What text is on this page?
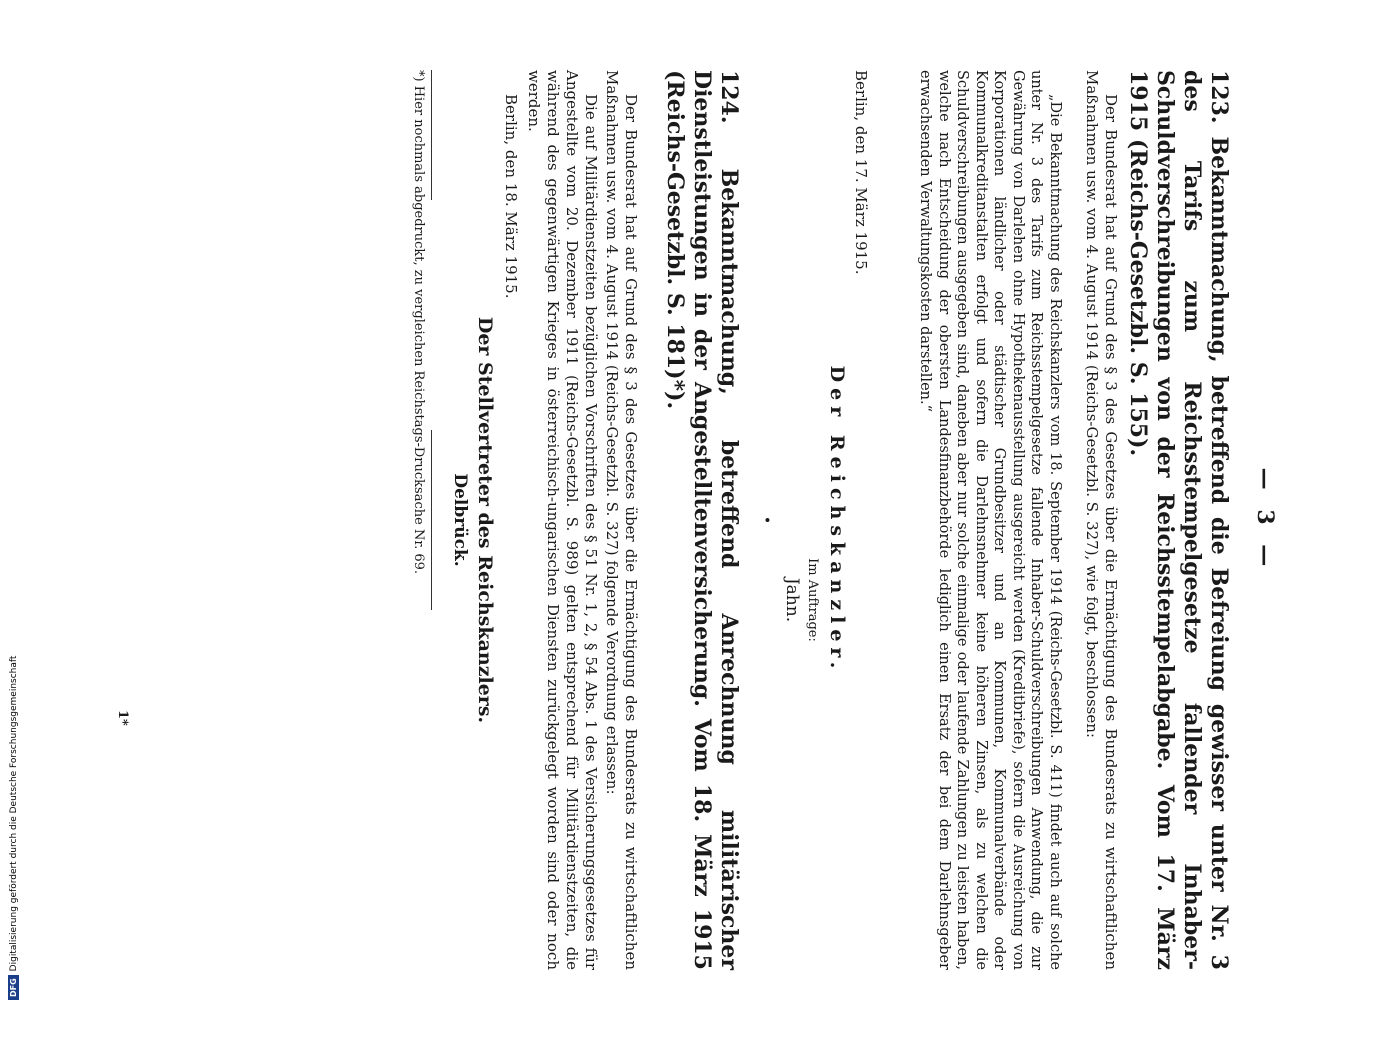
DFG
Digitalisierung gefördert durch die Deutsche Forschungsgemeinschaft
— 3 —
123. Bekanntmachung, betreffend die Befreiung gewisser unter Nr. 3 des Tarifs zum Reichsstempelgesetze fallender Inhaber-Schuldverschreibungen von der Reichsstempelabgabe. Vom 17. März 1915 (Reichs-Gesetzbl. S. 155).
Der Bundesrat hat auf Grund des § 3 des Gesetzes über die Ermächtigung des Bundesrats zu wirtschaftlichen Maßnahmen usw. vom 4. August 1914 (Reichs-Gesetzbl. S. 327), wie folgt, beschlossen:
„Die Bekanntmachung des Reichskanzlers vom 18. September 1914 (Reichs-Gesetzbl. S. 411) findet auch auf solche unter Nr. 3 des Tarifs zum Reichsstempelgesetze fallende Inhaber-Schuldverschreibungen Anwendung, die zur Gewährung von Darlehen ohne Hypothekenausstellung ausgereicht werden (Kreditbriefe), sofern die Ausreichung von Korporationen ländlicher oder städtischer Grundbesitzer und an Kommunen, Kommunalverbände oder Kommunalkreditanstalten erfolgt und sofern die Darlehnsnehmer keine höheren Zinsen, als zu welchen die Schuldverschreibungen ausgegeben sind, daneben aber nur solche einmalige oder laufende Zahlungen zu leisten haben, welche nach Entscheidung der obersten Landesfinanzbehörde lediglich einen Ersatz der bei dem Darlehnsgeber erwachsenden Verwaltungskosten darstellen.“
Berlin, den 17. März 1915.
Der Reichskanzler.
Im Auftrage:
Jahn.
•
124. Bekanntmachung, betreffend Anrechnung militärischer Dienstleistungen in der Angestelltenversicherung. Vom 18. März 1915 (Reichs-Gesetzbl. S. 181)*).
Der Bundesrat hat auf Grund des § 3 des Gesetzes über die Ermächtigung des Bundesrats zu wirtschaftlichen Maßnahmen usw. vom 4. August 1914 (Reichs-Gesetzbl. S. 327) folgende Verordnung erlassen:
Die auf Militärdienstzeiten bezüglichen Vorschriften des § 51 Nr. 1, 2, § 54 Abs. 1 des Versicherungsgesetzes für Angestellte vom 20. Dezember 1911 (Reichs-Gesetzbl. S. 989) gelten entsprechend für Militärdienstzeiten, die während des gegenwärtigen Krieges in österreichisch-ungarischen Diensten zurückgelegt worden sind oder noch werden.
Berlin, den 18. März 1915.
Der Stellvertreter des Reichskanzlers.
Delbrück.
*) Hier nochmals abgedruckt, zu vergleichen Reichstags-Drucksache Nr. 69.
1*
